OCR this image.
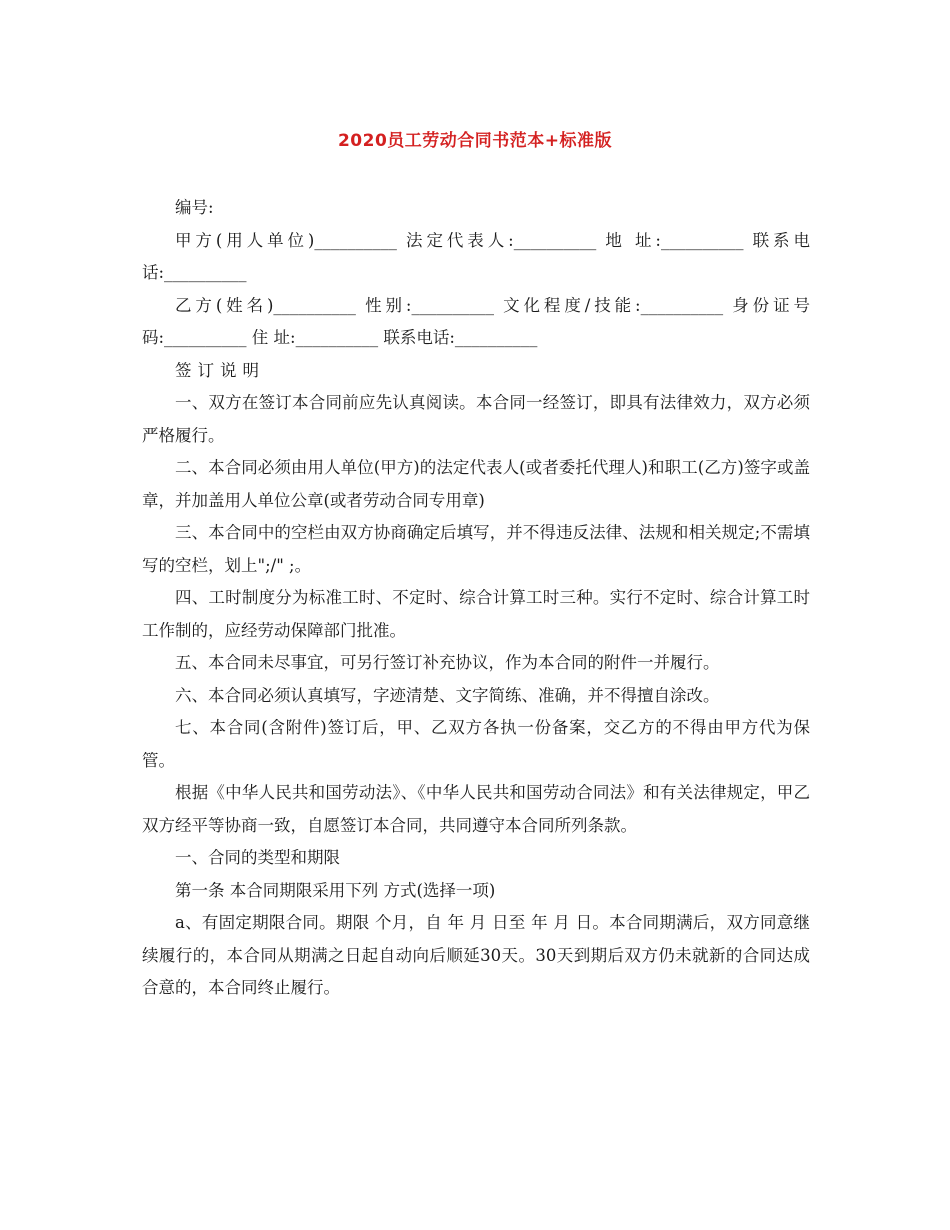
2020员工劳动合同书范本+标准版

编号:

甲方(用人单位)__________ 法定代表人:__________ 地 址:__________ 联系电话:__________

乙方(姓名)__________ 性别:__________ 文化程度/技能:__________ 身份证号码:__________ 住 址:__________ 联系电话:__________

签订说明

一、双方在签订本合同前应先认真阅读。本合同一经签订，即具有法律效力，双方必须严格履行。

二、本合同必须由用人单位(甲方)的法定代表人(或者委托代理人)和职工(乙方)签字或盖章，并加盖用人单位公章(或者劳动合同专用章)

三、本合同中的空栏由双方协商确定后填写，并不得违反法律、法规和相关规定;不需填写的空栏，划上";/" ;。

四、工时制度分为标准工时、不定时、综合计算工时三种。实行不定时、综合计算工时工作制的，应经劳动保障部门批准。

五、本合同未尽事宜，可另行签订补充协议，作为本合同的附件一并履行。

六、本合同必须认真填写，字迹清楚、文字简练、准确，并不得擅自涂改。

七、本合同(含附件)签订后，甲、乙双方各执一份备案，交乙方的不得由甲方代为保管。

根据《中华人民共和国劳动法》、《中华人民共和国劳动合同法》和有关法律规定，甲乙双方经平等协商一致，自愿签订本合同，共同遵守本合同所列条款。

一、合同的类型和期限

第一条 本合同期限采用下列 方式(选择一项)

a、有固定期限合同。期限 个月，自 年 月 日至 年 月 日。本合同期满后，双方同意继续履行的，本合同从期满之日起自动向后顺延30天。30天到期后双方仍未就新的合同达成合意的，本合同终止履行。
